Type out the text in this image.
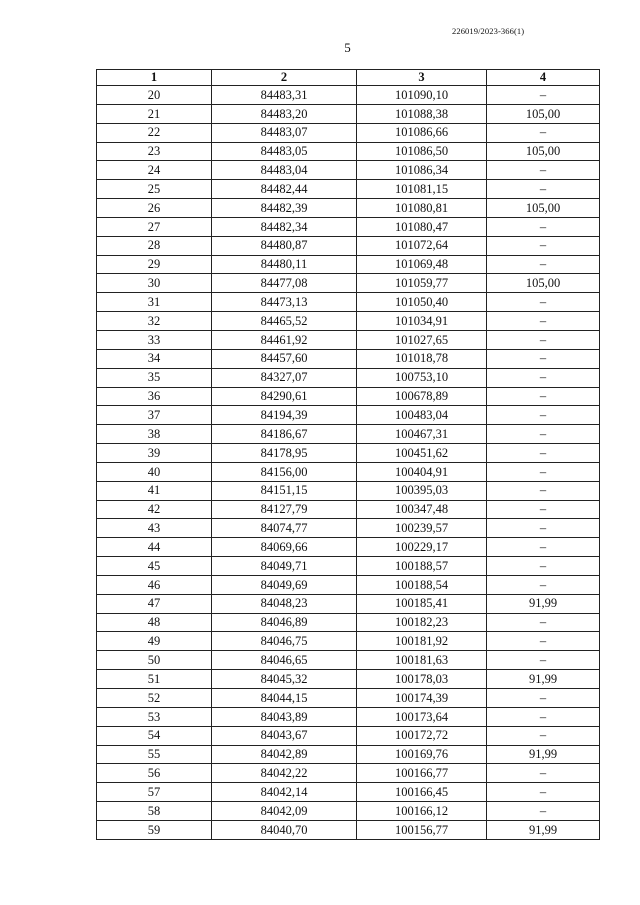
226019/2023-366(1)
5
1	2	3	4
20	84483,31	101090,10	–
21	84483,20	101088,38	105,00
22	84483,07	101086,66	–
23	84483,05	101086,50	105,00
24	84483,04	101086,34	–
25	84482,44	101081,15	–
26	84482,39	101080,81	105,00
27	84482,34	101080,47	–
28	84480,87	101072,64	–
29	84480,11	101069,48	–
30	84477,08	101059,77	105,00
31	84473,13	101050,40	–
32	84465,52	101034,91	–
33	84461,92	101027,65	–
34	84457,60	101018,78	–
35	84327,07	100753,10	–
36	84290,61	100678,89	–
37	84194,39	100483,04	–
38	84186,67	100467,31	–
39	84178,95	100451,62	–
40	84156,00	100404,91	–
41	84151,15	100395,03	–
42	84127,79	100347,48	–
43	84074,77	100239,57	–
44	84069,66	100229,17	–
45	84049,71	100188,57	–
46	84049,69	100188,54	–
47	84048,23	100185,41	91,99
48	84046,89	100182,23	–
49	84046,75	100181,92	–
50	84046,65	100181,63	–
51	84045,32	100178,03	91,99
52	84044,15	100174,39	–
53	84043,89	100173,64	–
54	84043,67	100172,72	–
55	84042,89	100169,76	91,99
56	84042,22	100166,77	–
57	84042,14	100166,45	–
58	84042,09	100166,12	–
59	84040,70	100156,77	91,99
